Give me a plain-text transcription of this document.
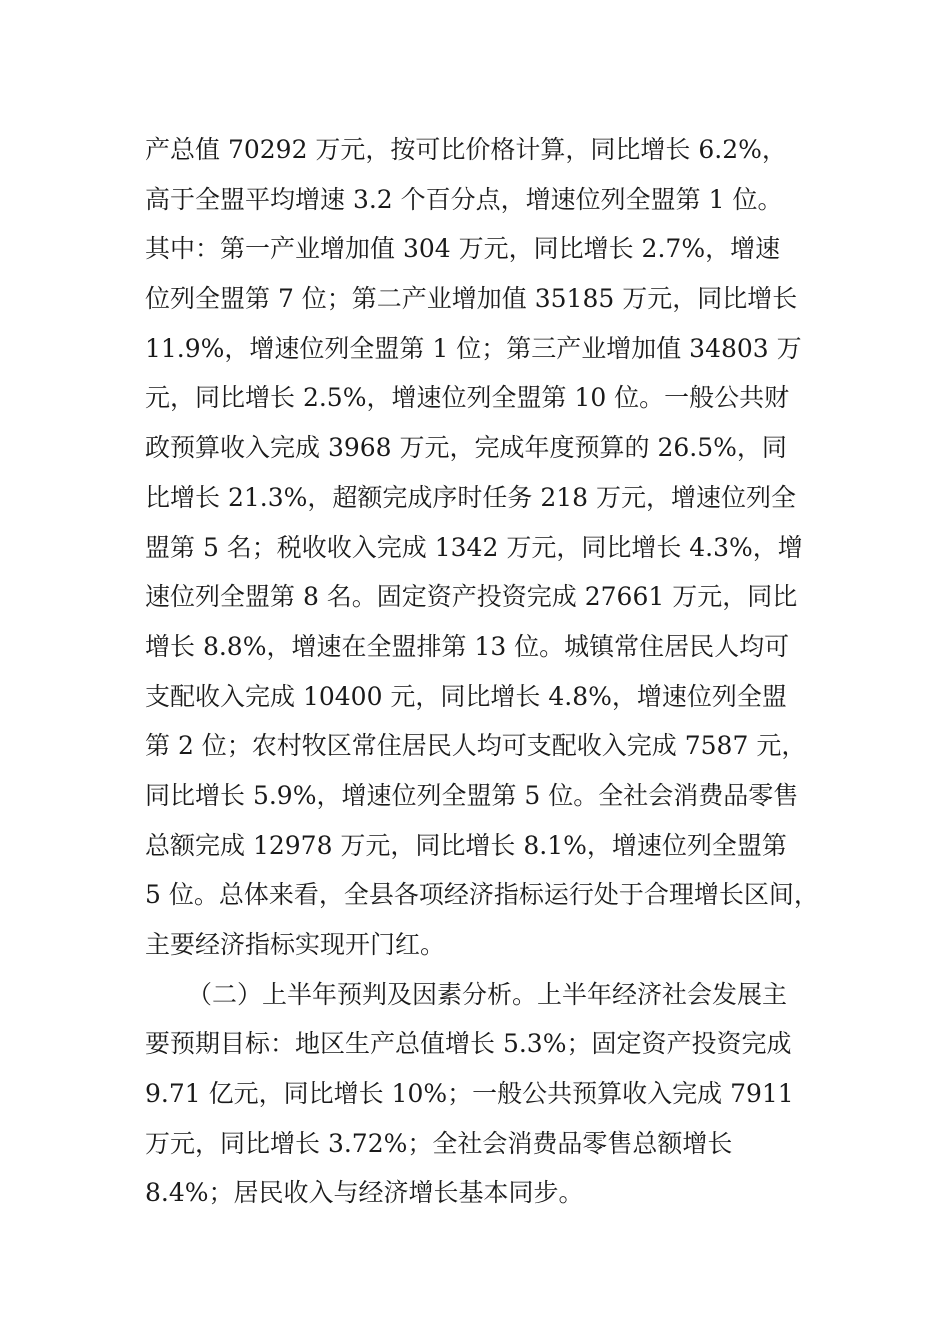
产总值 70292 万元，按可比价格计算，同比增长 6.2%，
高于全盟平均增速 3.2 个百分点，增速位列全盟第 1 位。
其中：第一产业增加值 304 万元，同比增长 2.7%，增速
位列全盟第 7 位；第二产业增加值 35185 万元，同比增长
11.9%，增速位列全盟第 1 位；第三产业增加值 34803 万
元，同比增长 2.5%，增速位列全盟第 10 位。一般公共财
政预算收入完成 3968 万元，完成年度预算的 26.5%，同
比增长 21.3%，超额完成序时任务 218 万元，增速位列全
盟第 5 名；税收收入完成 1342 万元，同比增长 4.3%，增
速位列全盟第 8 名。固定资产投资完成 27661 万元，同比
增长 8.8%，增速在全盟排第 13 位。城镇常住居民人均可
支配收入完成 10400 元，同比增长 4.8%，增速位列全盟
第 2 位；农村牧区常住居民人均可支配收入完成 7587 元，
同比增长 5.9%，增速位列全盟第 5 位。全社会消费品零售
总额完成 12978 万元，同比增长 8.1%，增速位列全盟第
5 位。总体来看，全县各项经济指标运行处于合理增长区间，
主要经济指标实现开门红。
（二）上半年预判及因素分析。上半年经济社会发展主
要预期目标：地区生产总值增长 5.3%；固定资产投资完成
9.71 亿元，同比增长 10%；一般公共预算收入完成 7911
万元，同比增长 3.72%；全社会消费品零售总额增长
8.4%；居民收入与经济增长基本同步。
